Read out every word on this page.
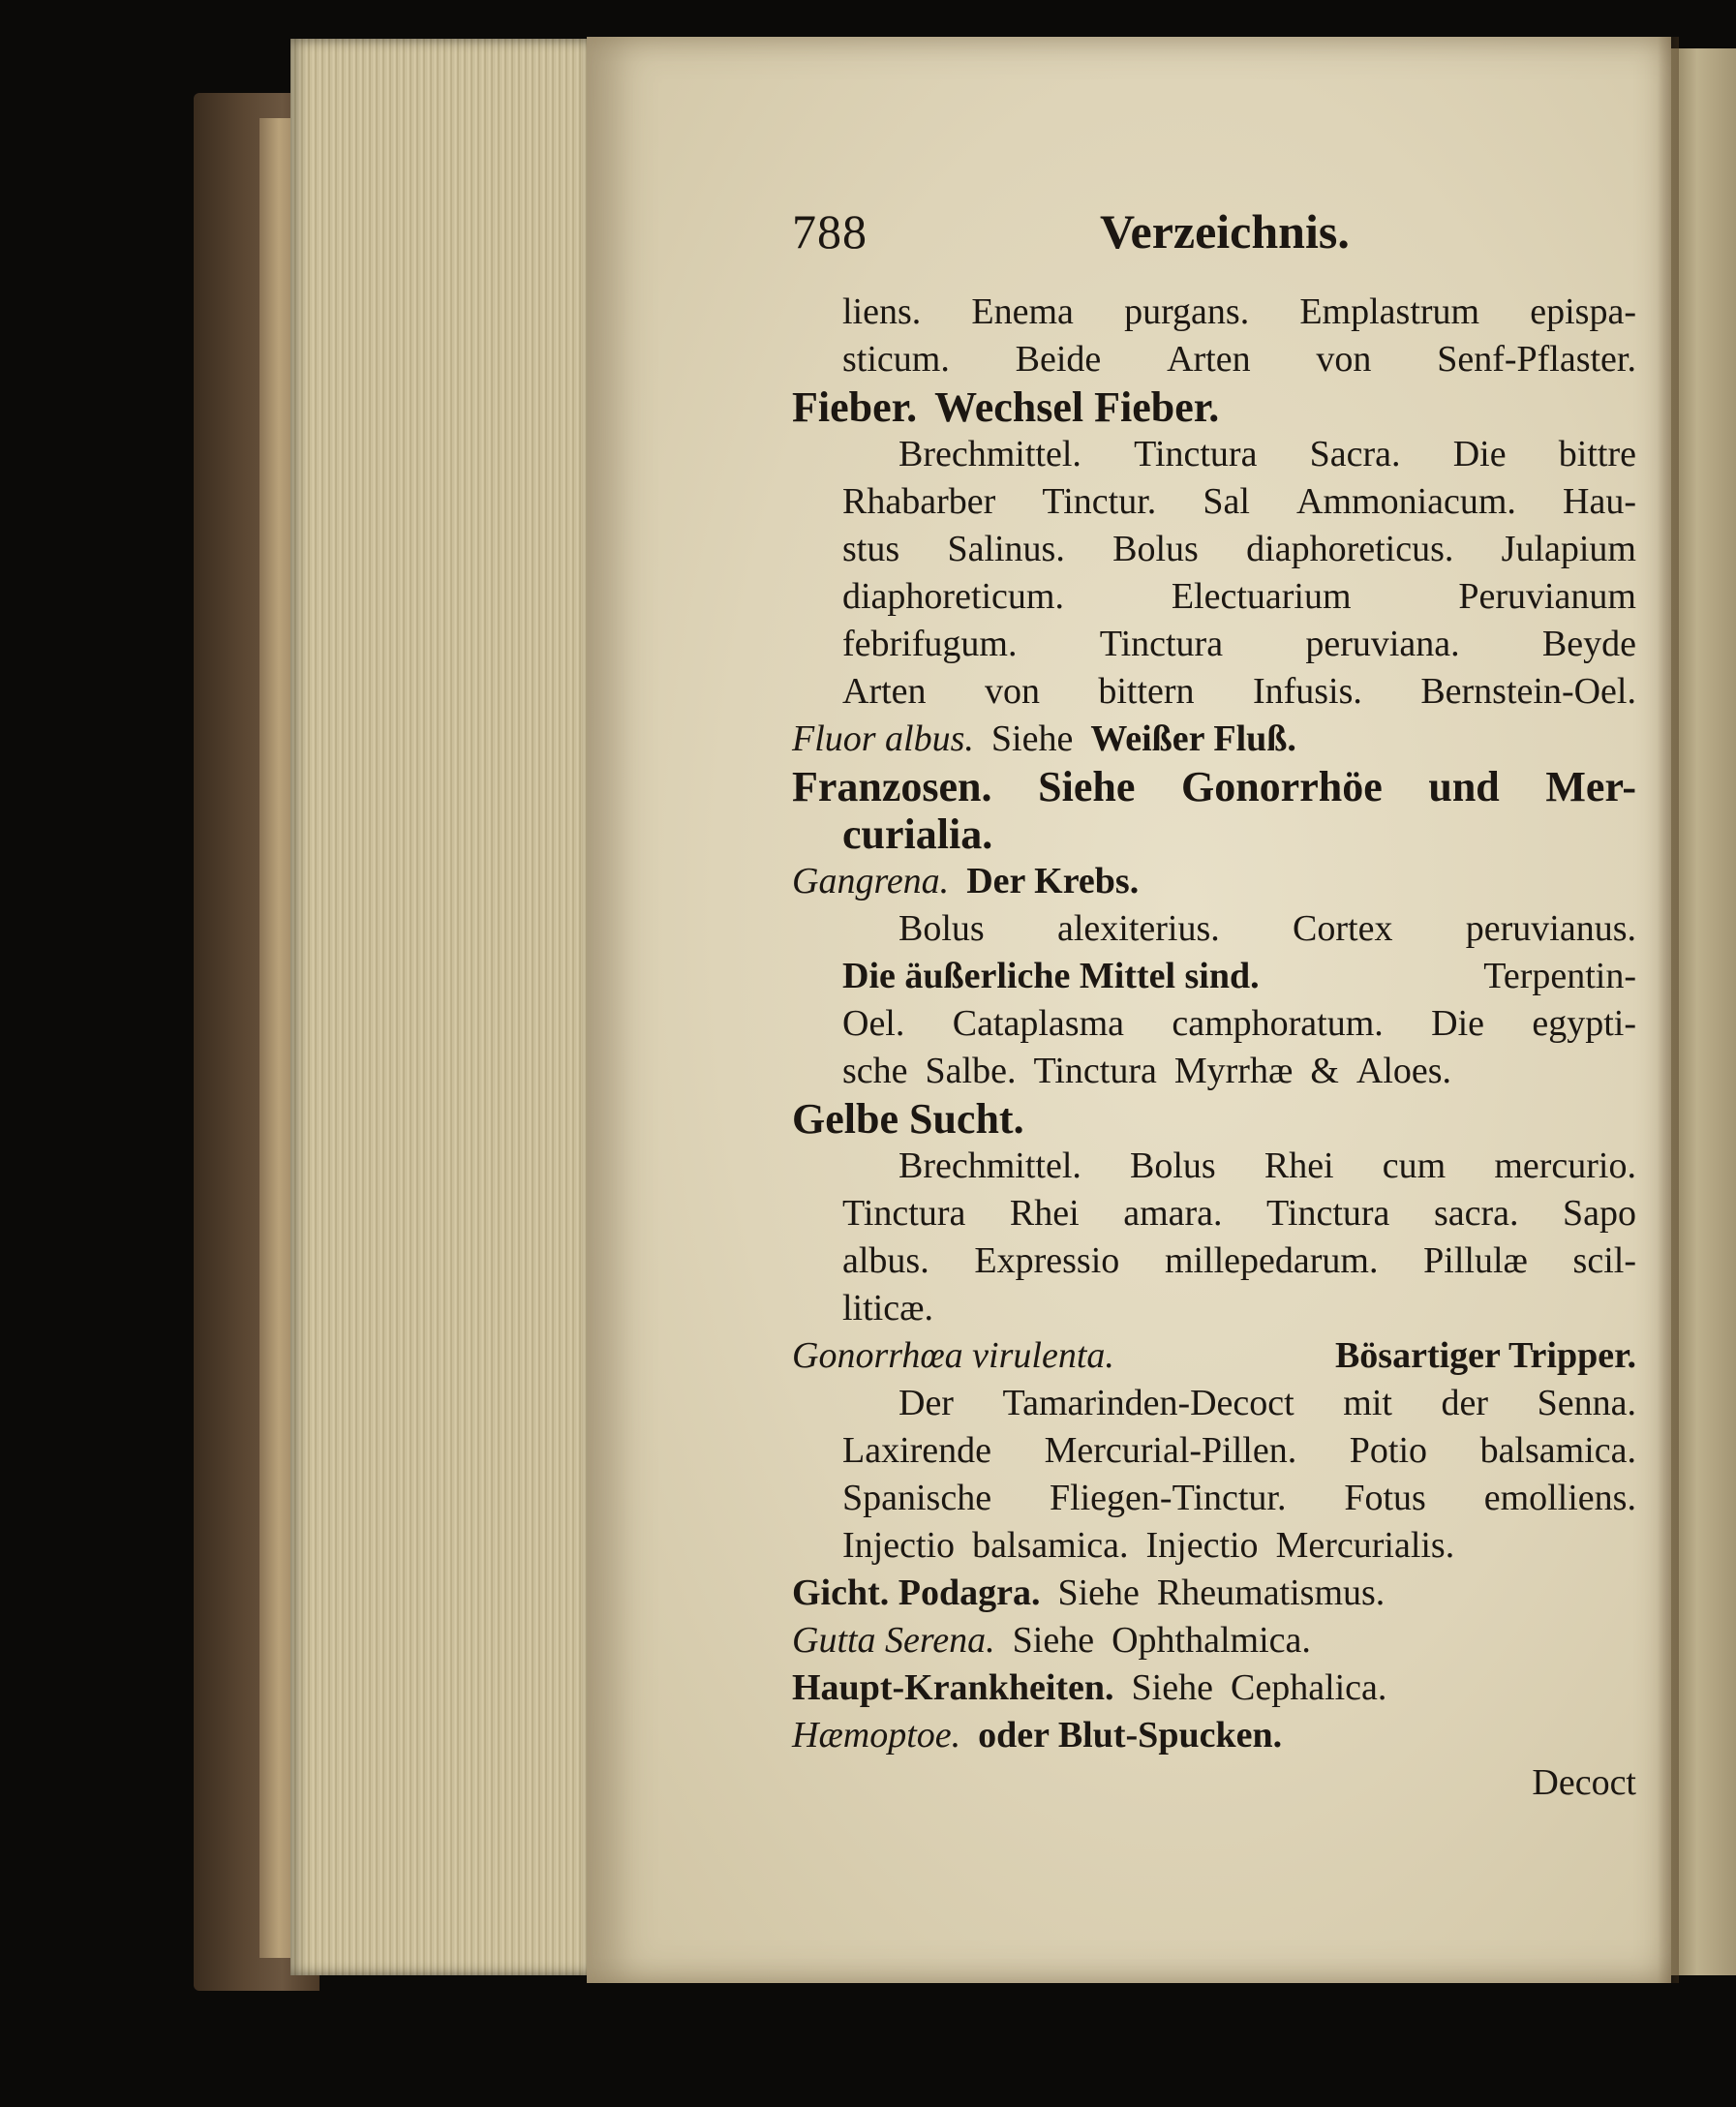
788	Verzeichnis.
liens. Enema purgans. Emplastrum epispa-
sticum. Beide Arten von Senf-Pflaster.
Fieber. Wechsel Fieber.
Brechmittel. Tinctura Sacra. Die bittre
Rhabarber Tinctur. Sal Ammoniacum. Hau-
stus Salinus. Bolus diaphoreticus. Julapium
diaphoreticum.	Electuarium	Peruvianum
febrifugum. Tinctura peruviana. Beyde
Arten von bittern Infusis. Bernstein-Oel.
Fluor albus. Siehe Weißer Fluß.
Franzosen. Siehe Gonorrhöe und Mer-
curialia.
Gangrena. Der Krebs.
Bolus alexiterius. Cortex peruvianus.
Die äußerliche Mittel sind.	Terpentin-
Oel. Cataplasma camphoratum. Die egypti-
sche Salbe. Tinctura Myrrhæ & Aloes.
Gelbe Sucht.
Brechmittel. Bolus Rhei cum mercurio.
Tinctura Rhei amara. Tinctura sacra. Sapo
albus. Expressio millepedarum. Pillulæ scil-
liticæ.
Gonorrhœa virulenta.	Bösartiger Tripper.
Der Tamarinden-Decoct mit der Senna.
Laxirende Mercurial-Pillen. Potio balsamica.
Spanische Fliegen-Tinctur. Fotus emolliens.
Injectio balsamica. Injectio Mercurialis.
Gicht. Podagra. Siehe Rheumatismus.
Gutta Serena. Siehe Ophthalmica.
Haupt-Krankheiten. Siehe Cephalica.
Hæmoptoe. oder Blut-Spucken.
Decoct
